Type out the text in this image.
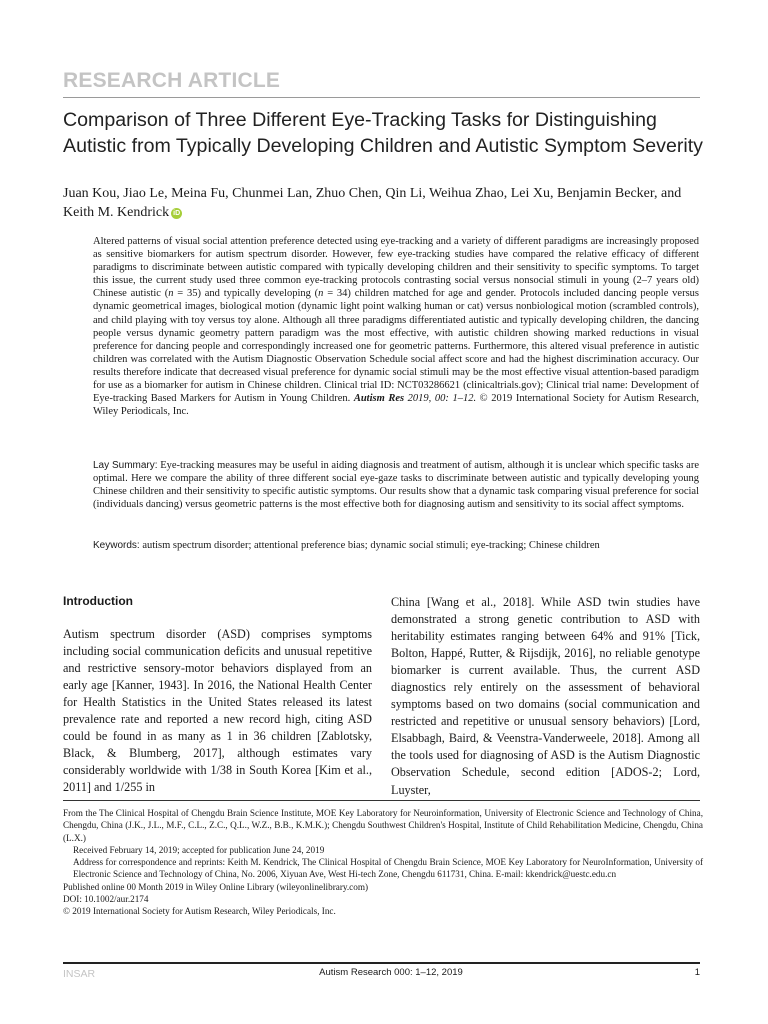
RESEARCH ARTICLE
Comparison of Three Different Eye-Tracking Tasks for Distinguishing Autistic from Typically Developing Children and Autistic Symptom Severity
Juan Kou, Jiao Le, Meina Fu, Chunmei Lan, Zhuo Chen, Qin Li, Weihua Zhao, Lei Xu, Benjamin Becker, and Keith M. Kendrick iD
Altered patterns of visual social attention preference detected using eye-tracking and a variety of different paradigms are increasingly proposed as sensitive biomarkers for autism spectrum disorder. However, few eye-tracking studies have compared the relative efficacy of different paradigms to discriminate between autistic compared with typically developing children and their sensitivity to specific symptoms. To target this issue, the current study used three common eye-tracking protocols contrasting social versus nonsocial stimuli in young (2–7 years old) Chinese autistic (n = 35) and typically developing (n = 34) children matched for age and gender. Protocols included dancing people versus dynamic geometrical images, biological motion (dynamic light point walking human or cat) versus nonbiological motion (scrambled controls), and child playing with toy versus toy alone. Although all three paradigms differentiated autistic and typically developing children, the dancing people versus dynamic geometry pattern paradigm was the most effective, with autistic children showing marked reductions in visual preference for dancing people and correspondingly increased one for geometric patterns. Furthermore, this altered visual preference in autistic children was correlated with the Autism Diagnostic Observation Schedule social affect score and had the highest discrimination accuracy. Our results therefore indicate that decreased visual preference for dynamic social stimuli may be the most effective visual attention-based paradigm for use as a biomarker for autism in Chinese children. Clinical trial ID: NCT03286621 (clinicaltrials.gov); Clinical trial name: Development of Eye-tracking Based Markers for Autism in Young Children. Autism Res 2019, 00: 1–12. © 2019 International Society for Autism Research, Wiley Periodicals, Inc.
Lay Summary: Eye-tracking measures may be useful in aiding diagnosis and treatment of autism, although it is unclear which specific tasks are optimal. Here we compare the ability of three different social eye-gaze tasks to discriminate between autistic and typically developing young Chinese children and their sensitivity to specific autistic symptoms. Our results show that a dynamic task comparing visual preference for social (individuals dancing) versus geometric patterns is the most effective both for diagnosing autism and sensitivity to its social affect symptoms.
Keywords: autism spectrum disorder; attentional preference bias; dynamic social stimuli; eye-tracking; Chinese children
Introduction
Autism spectrum disorder (ASD) comprises symptoms including social communication deficits and unusual repetitive and restrictive sensory-motor behaviors displayed from an early age [Kanner, 1943]. In 2016, the National Health Center for Health Statistics in the United States released its latest prevalence rate and reported a new record high, citing ASD could be found in as many as 1 in 36 children [Zablotsky, Black, & Blumberg, 2017], although estimates vary considerably worldwide with 1/38 in South Korea [Kim et al., 2011] and 1/255 in
China [Wang et al., 2018]. While ASD twin studies have demonstrated a strong genetic contribution to ASD with heritability estimates ranging between 64% and 91% [Tick, Bolton, Happé, Rutter, & Rijsdijk, 2016], no reliable genotype biomarker is current available. Thus, the current ASD diagnostics rely entirely on the assessment of behavioral symptoms based on two domains (social communication and restricted and repetitive or unusual sensory behaviors) [Lord, Elsabbagh, Baird, & Veenstra-Vanderweele, 2018]. Among all the tools used for diagnosing of ASD is the Autism Diagnostic Observation Schedule, second edition [ADOS-2; Lord, Luyster,

From the The Clinical Hospital of Chengdu Brain Science Institute, MOE Key Laboratory for Neuroinformation, University of Electronic Science and Technology of China, Chengdu, China (J.K., J.L., M.F., C.L., Z.C., Q.L., W.Z., B.B., K.M.K.); Chengdu Southwest Children's Hospital, Institute of Child Rehabilitation Medicine, Chengdu, China (L.X.)

Received February 14, 2019; accepted for publication June 24, 2019

Address for correspondence and reprints: Keith M. Kendrick, The Clinical Hospital of Chengdu Brain Science, MOE Key Laboratory for NeuroInformation, University of Electronic Science and Technology of China, No. 2006, Xiyuan Ave, West Hi-tech Zone, Chengdu 611731, China. E-mail: kkendrick@uestc.edu.cn

Published online 00 Month 2019 in Wiley Online Library (wileyonlinelibrary.com)

DOI: 10.1002/aur.2174

© 2019 International Society for Autism Research, Wiley Periodicals, Inc.

INSAR	Autism Research 000: 1–12, 2019	1
